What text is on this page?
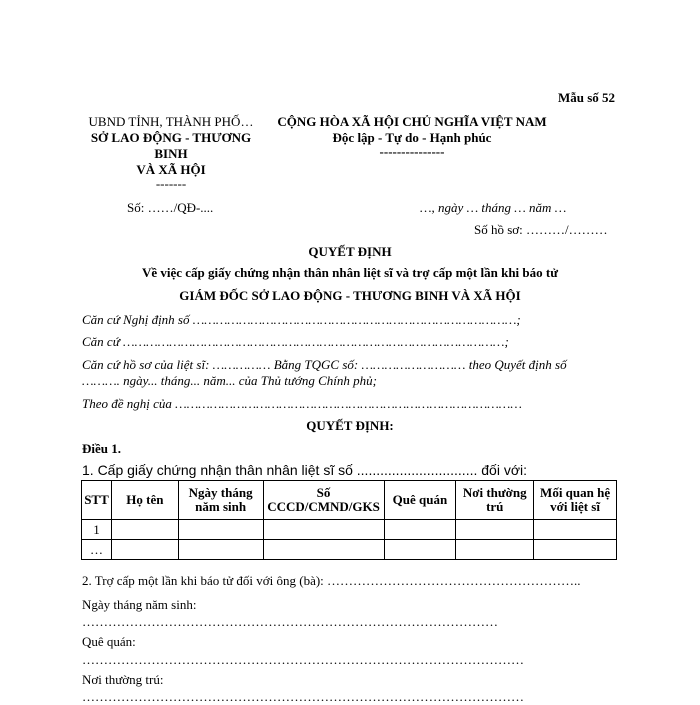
Mẫu số 52
UBND TỈNH, THÀNH PHỐ…
SỞ LAO ĐỘNG - THƯƠNG
BINH
VÀ XÃ HỘI
-------
Số: ……/QĐ-....
CỘNG HÒA XÃ HỘI CHỦ NGHĨA VIỆT NAM
Độc lập - Tự do - Hạnh phúc
---------------
…, ngày … tháng … năm …
Số hồ sơ: ………/………
QUYẾT ĐỊNH
Về việc cấp giấy chứng nhận thân nhân liệt sĩ và trợ cấp một lần khi báo tử
GIÁM ĐỐC SỞ LAO ĐỘNG - THƯƠNG BINH VÀ XÃ HỘI
Căn cứ Nghị định số …………………………………………………………………………;
Căn cứ ………………………………………………………………………………………;
Căn cứ hồ sơ của liệt sĩ: …………… Bằng TQGC số: ……………………… theo Quyết định số
………. ngày... tháng... năm... của Thủ tướng Chính phủ;
Theo đề nghị của ………………………………………………………………………………
QUYẾT ĐỊNH:
Điều 1.
1. Cấp giấy chứng nhận thân nhân liệt sĩ số ............................... đối với:
STT	Họ tên	Ngày tháng năm sinh	Số CCCD/CMND/GKS	Quê quán	Nơi thường trú	Mối quan hệ với liệt sĩ
1						
…						
2. Trợ cấp một lần khi báo tử đối với ông (bà): …………………………………………………..
Ngày tháng năm sinh:
……………………………………………………………………………………
Quê quán:
…………………………………………………………………………………………
Nơi thường trú:
…………………………………………………………………………………………
